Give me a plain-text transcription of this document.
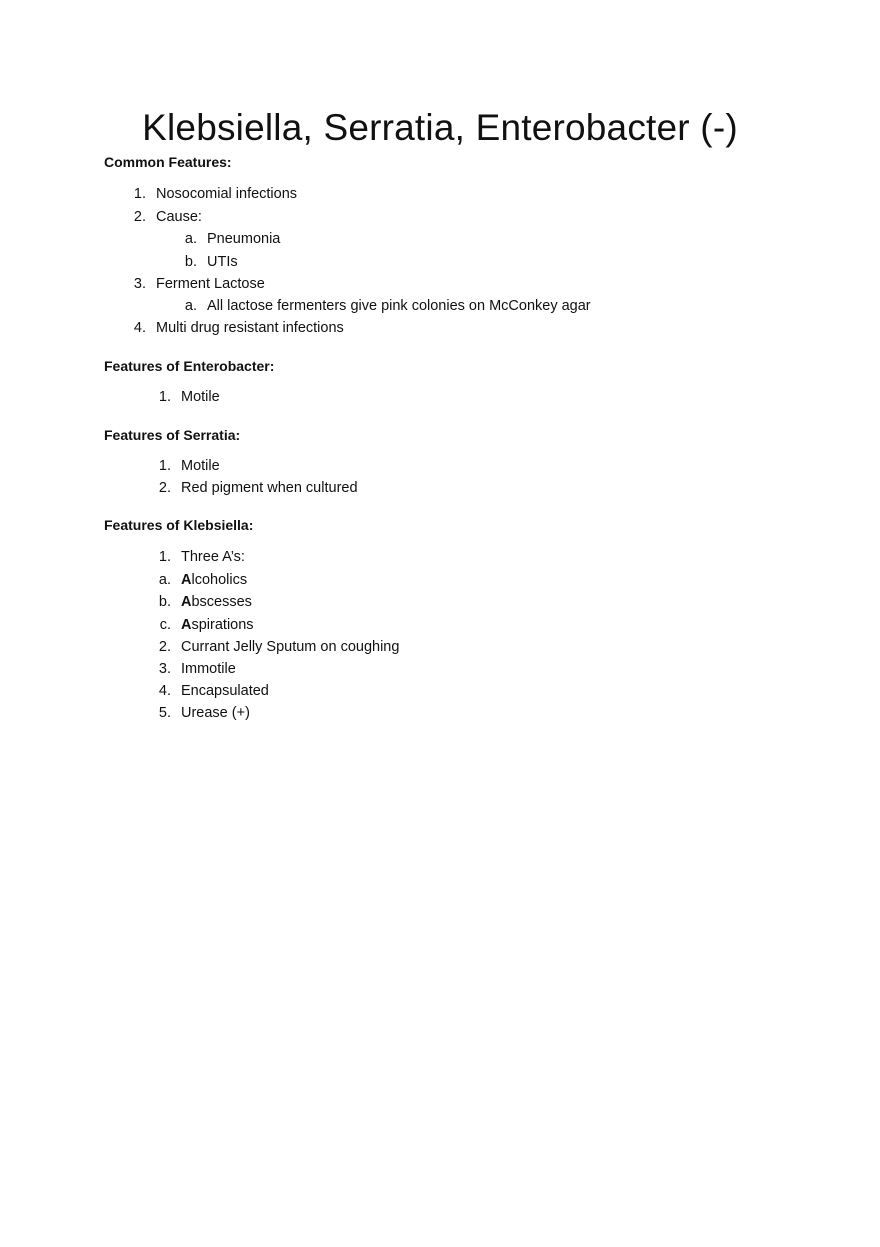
Klebsiella, Serratia, Enterobacter (-)
Common Features:
1. Nosocomial infections
2. Cause:
a. Pneumonia
b. UTIs
3. Ferment Lactose
a. All lactose fermenters give pink colonies on McConkey agar
4. Multi drug resistant infections
Features of Enterobacter:
1. Motile
Features of Serratia:
1. Motile
2. Red pigment when cultured
Features of Klebsiella:
1. Three A’s:
a. Alcoholics
b. Abscesses
c. Aspirations
2. Currant Jelly Sputum on coughing
3. Immotile
4. Encapsulated
5. Urease (+)
